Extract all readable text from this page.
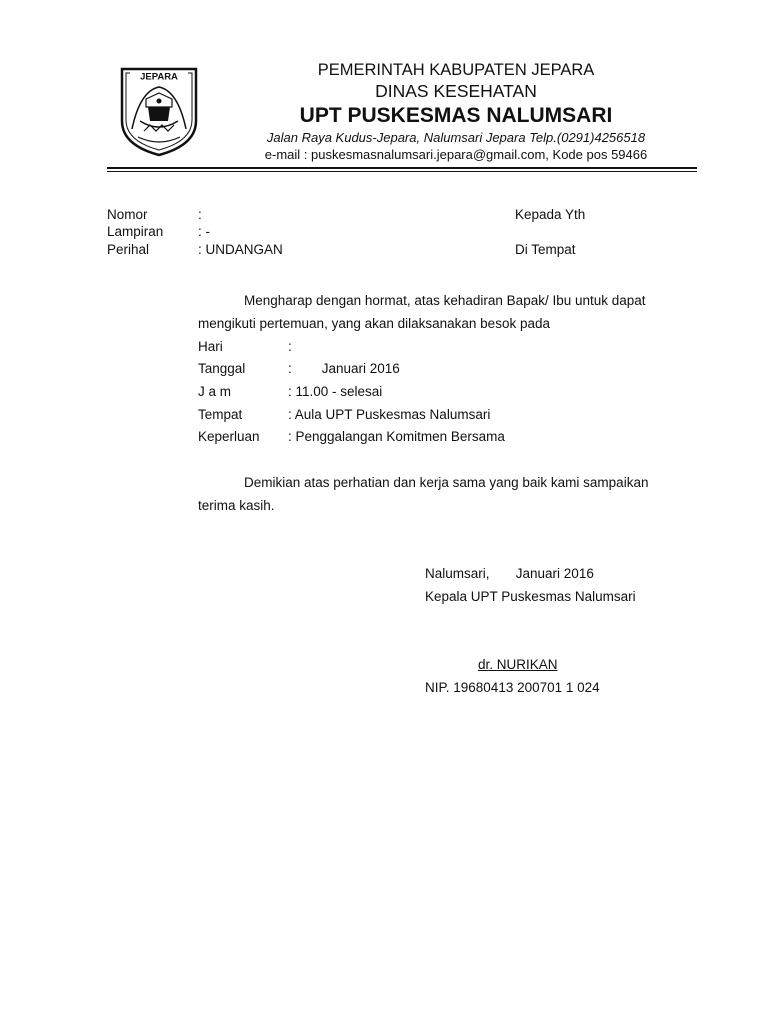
JEPARA	PEMERINTAH KABUPATEN JEPARA
DINAS KESEHATAN
UPT PUSKESMAS NALUMSARI
Jalan Raya Kudus-Jepara, Nalumsari Jepara Telp.(0291)4256518
e-mail : puskesmasnalumsari.jepara@gmail.com, Kode pos 59466
Nomor	:
Lampiran	: -
Perihal	: UNDANGAN
Kepada Yth
Di Tempat
Mengharap dengan hormat, atas kehadiran Bapak/ Ibu untuk dapat
mengikuti pertemuan, yang akan dilaksanakan besok pada
Hari	:
Tanggal	:        Januari 2016
J a m	: 11.00 - selesai
Tempat	: Aula UPT Puskesmas Nalumsari
Keperluan : Penggalangan Komitmen Bersama
Demikian atas perhatian dan kerja sama yang baik kami sampaikan
terima kasih.
Nalumsari,       Januari 2016
Kepala UPT Puskesmas Nalumsari
dr. NURIKAN
NIP. 19680413 200701 1 024
